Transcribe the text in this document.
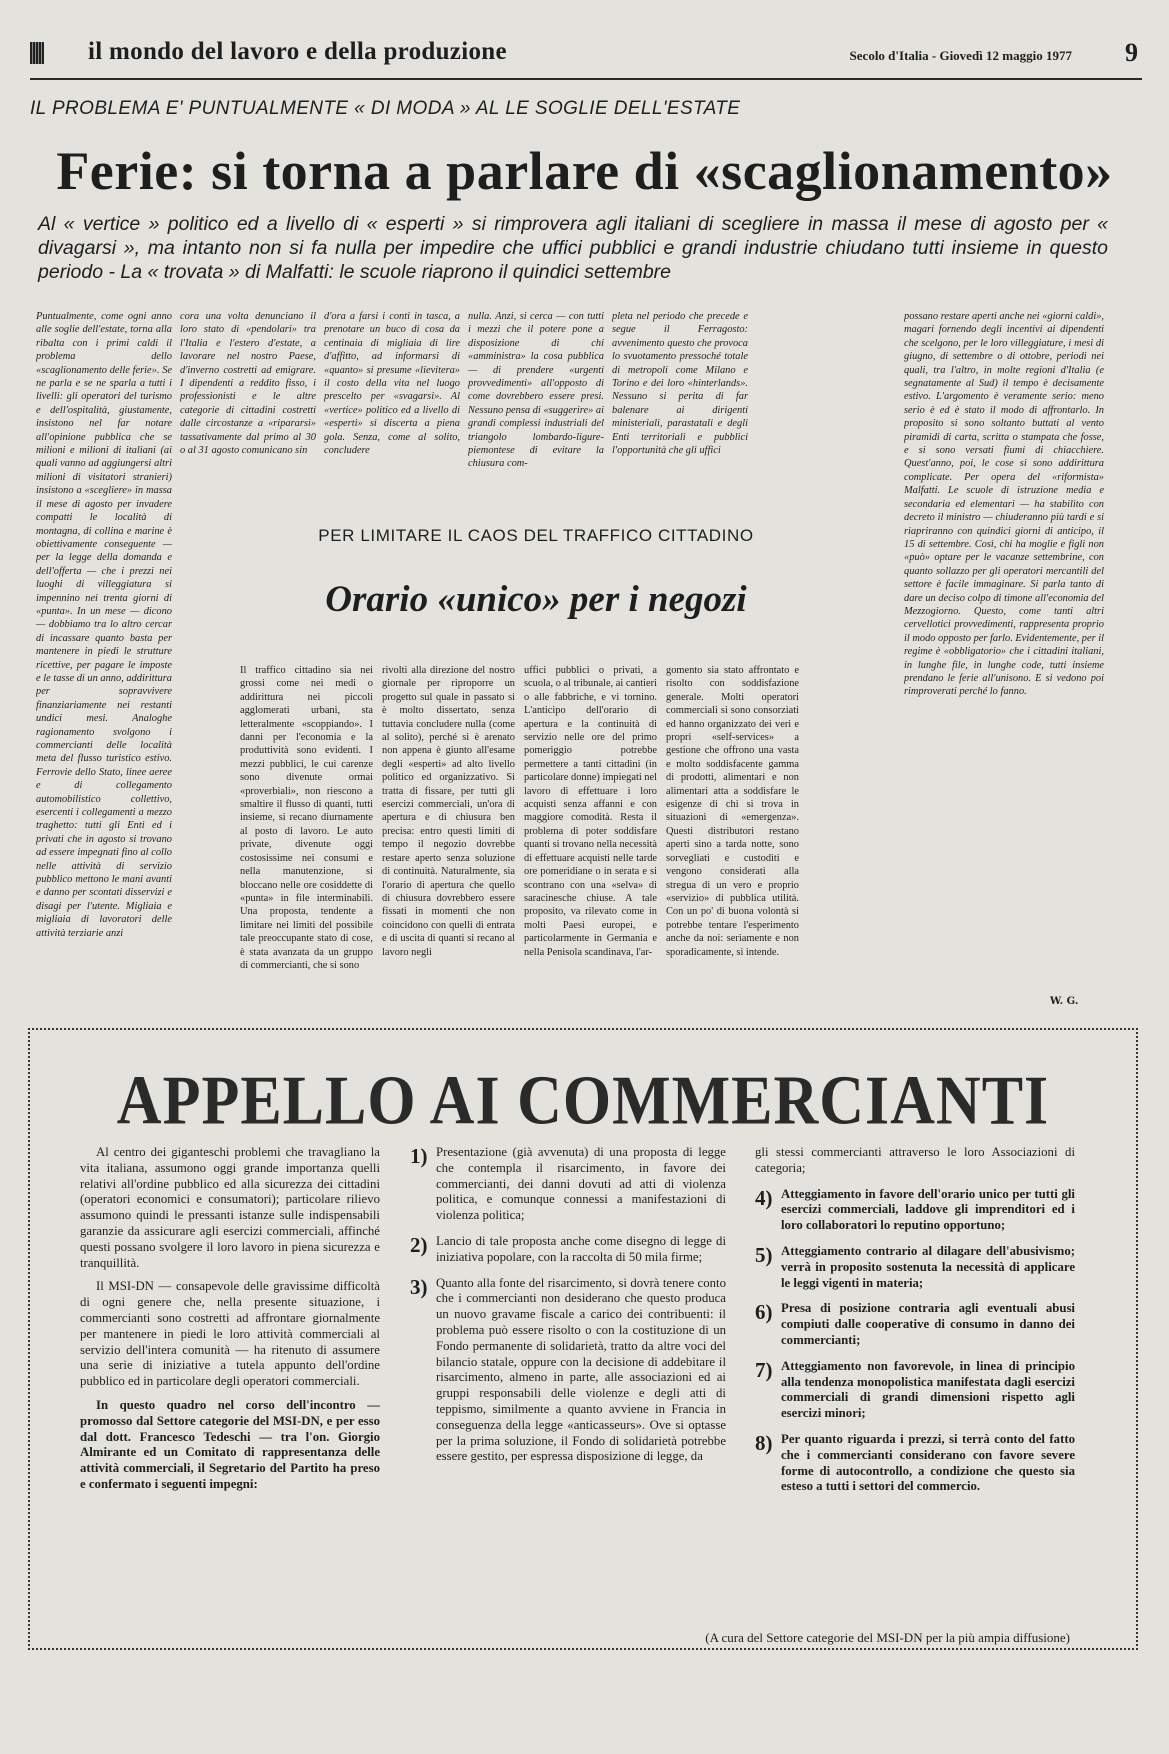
il mondo del lavoro e della produzione	Secolo d'Italia - Giovedì 12 maggio 1977 9
IL PROBLEMA E' PUNTUALMENTE « DI MODA » AL LE SOGLIE DELL'ESTATE
Ferie: si torna a parlare di «scaglionamento»
Al « vertice » politico ed a livello di « esperti » si rimprovera agli italiani di scegliere in massa il mese di agosto per « divagarsi », ma intanto non si fa nulla per impedire che uffici pubblici e grandi industrie chiudano tutti insieme in questo periodo - La « trovata » di Malfatti: le scuole riaprono il quindici settembre
Puntualmente, come ogni anno alle soglie dell'estate, torna alla ribalta con i primi caldi il problema dello «scaglionamento delle ferie». Se ne parla e se ne sparla a tutti i livelli: gli operatori del turismo e dell'ospitalità, giustamente, insistono nel far notare all'opinione pubblica che se milioni e milioni di italiani (ai quali vanno ad aggiungersi altri milioni di visitatori stranieri) insistono a «scegliere» in massa il mese di agosto per invadere compatti le località di montagna, di collina e marine è obiettivamente conseguente — per la legge della domanda e dell'offerta — che i prezzi nei luoghi di villeggiatura si impennino nei trenta giorni di «punta». In un mese — dicono — dobbiamo tra lo altro cercar di incassare quanto basta per mantenere in piedi le strutture ricettive, per pagare le imposte e le tasse di un anno, addirittura per sopravvivere finanziariamente nei restanti undici mesi. Analoghe ragionamento svolgono i commercianti delle località meta del flusso turistico estivo. Ferrovie dello Stato, linee aeree e di collegamento automobilistico collettivo, esercenti i collegamenti a mezzo traghetto: tutti gli Enti ed i privati che in agosto si trovano ad essere impegnati fino al collo nelle attività di servizio pubblico mettono le mani avanti e danno per scontati disservizi e disagi per l'utente. Migliaia e migliaia di lavoratori delle attività terziarie anzi
cora una volta denunciano il loro stato di «pendolari» tra l'Italia e l'estero d'estate, a lavorare nel nostro Paese, d'inverno costretti ad emigrare. I dipendenti a reddito fisso, i professionisti e le altre categorie di cittadini costretti dalle circostanze a «ripararsi» tassativamente dal primo al 30 o al 31 agosto comunicano sin
d'ora a farsi i conti in tasca, a prenotare un buco di cosa da centinaia di migliaia di lire d'affitto, ad informarsi di «quanto» si presume «lievitera» il costo della vita nel luogo prescelto per «svagarsi». Al «vertice» politico ed a livello di «esperti» si discerta a piena gola. Senza, come al solito, concludere
nulla. Anzi, si cerca — con tutti i mezzi che il potere pone a disposizione di chi «amministra» la cosa pubblica — di prendere «urgenti provvedimenti» all'opposto di come dovrebbero essere presi. Nessuno pensa di «suggerire» ai grandi complessi industriali del triangolo lombardo-ligure-piemontese di evitare la chiusura com-
pleta nel periodo che precede e segue il Ferragosto: avvenimento questo che provoca lo svuotamento pressoché totale di metropoli come Milano e Torino e dei loro «hinterlands». Nessuno si perita di far balenare ai dirigenti ministeriali, parastatali e degli Enti territoriali e pubblici l'opportunità che gli uffici
possano restare aperti anche nei «giorni caldi», magari fornendo degli incentivi ai dipendenti che scelgono, per le loro villeggiature, i mesi di giugno, di settembre o di ottobre, periodi nei quali, tra l'altro, in molte regioni d'Italia (e segnatamente al Sud) il tempo è decisamente estivo. L'argomento è veramente serio: meno serio è ed è stato il modo di affrontarlo. In proposito si sono soltanto buttati al vento piramidi di carta, scritta o stampata che fosse, e si sono versati fiumi di chiacchiere. Quest'anno, poi, le cose si sono addirittura complicate. Per opera del «riformista» Malfatti. Le scuole di istruzione media e secondaria ed elementari — ha stabilito con decreto il ministro — chiuderanno più tardi e si riapriranno con quindici giorni di anticipo, il 15 di settembre. Così, chi ha moglie e figli non «può» optare per le vacanze settembrine, con quanto sollazzo per gli operatori mercantili del settore è facile immaginare. Si parla tanto di dare un deciso colpo di timone all'economia del Mezzogiorno. Questo, come tanti altri cervellotici provvedimenti, rappresenta proprio il modo opposto per farlo. Evidentemente, per il regime è «obbligatorio» che i cittadini italiani, in lunghe file, in lunghe code, tutti insieme prendano le ferie all'unisono. E si vedono poi rimproverati perché lo fanno.
W. G.
PER LIMITARE IL CAOS DEL TRAFFICO CITTADINO
Orario «unico» per i negozi
Il traffico cittadino sia nei grossi come nei medi o addirittura nei piccoli agglomerati urbani, sta letteralmente «scoppiando». I danni per l'economia e la produttività sono evidenti. I mezzi pubblici, le cui carenze sono divenute ormai «proverbiali», non riescono a smaltire il flusso di quanti, tutti insieme, si recano diurnamente al posto di lavoro. Le auto private, divenute oggi costosissime nei consumi e nella manutenzione, si bloccano nelle ore cosiddette di «punta» in file interminabili. Una proposta, tendente a limitare nei limiti del possibile tale preoccupante stato di cose, è stata avanzata da un gruppo di commercianti, che si sono
rivolti alla direzione del nostro giornale per riproporre un progetto sul quale in passato si è molto dissertato, senza tuttavia concludere nulla (come al solito), perché si è arenato non appena è giunto all'esame degli «esperti» ad alto livello politico ed organizzativo. Si tratta di fissare, per tutti gli esercizi commerciali, un'ora di apertura e di chiusura ben precisa: entro questi limiti di tempo il negozio dovrebbe restare aperto senza soluzione di continuità. Naturalmente, sia l'orario di apertura che quello di chiusura dovrebbero essere fissati in momenti che non coincidono con quelli di entrata e di uscita di quanti si recano al lavoro negli
uffici pubblici o privati, a scuola, o al tribunale, ai cantieri o alle fabbriche, e vi tornino. L'anticipo dell'orario di apertura e la continuità di servizio nelle ore del primo pomeriggio potrebbe permettere a tanti cittadini (in particolare donne) impiegati nel lavoro di effettuare i loro acquisti senza affanni e con maggiore comodità. Resta il problema di poter soddisfare quanti si trovano nella necessità di effettuare acquisti nelle tarde ore pomeridiane o in serata e si scontrano con una «selva» di saracinesche chiuse. A tale proposito, va rilevato come in molti Paesi europei, e particolarmente in Germania e nella Penisola scandinava, l'ar-
gomento sia stato affrontato e risolto con soddisfazione generale. Molti operatori commerciali si sono consorziati ed hanno organizzato dei veri e propri «self-services» a gestione che offrono una vasta e molto soddisfacente gamma di prodotti, alimentari e non alimentari atta a soddisfare le esigenze di chi si trova in situazioni di «emergenza». Questi distributori restano aperti sino a tarda notte, sono sorvegliati e custoditi e vengono considerati alla stregua di un vero e proprio «servizio» di pubblica utilità. Con un po' di buona volontà si potrebbe tentare l'esperimento anche da noi: seriamente e non sporadicamente, si intende.
APPELLO AI COMMERCIANTI

Al centro dei giganteschi problemi che travagliano la vita italiana, assumono oggi grande importanza quelli relativi all'ordine pubblico ed alla sicurezza dei cittadini (operatori economici e consumatori); particolare rilievo assumono quindi le pressanti istanze sulle indispensabili garanzie da assicurare agli esercizi commerciali, affinché questi possano svolgere il loro lavoro in piena sicurezza e tranquillità.

Il MSI-DN — consapevole delle gravissime difficoltà di ogni genere che, nella presente situazione, i commercianti sono costretti ad affrontare giornalmente per mantenere in piedi le loro attività commerciali al servizio dell'intera comunità — ha ritenuto di assumere una serie di iniziative a tutela appunto dell'ordine pubblico ed in particolare degli operatori commerciali.

In questo quadro nel corso dell'incontro — promosso dal Settore categorie del MSI-DN, e per esso dal dott. Francesco Tedeschi — tra l'on. Giorgio Almirante ed un Comitato di rappresentanza delle attività commerciali, il Segretario del Partito ha preso e confermato i seguenti impegni:

1) Presentazione (già avvenuta) di una proposta di legge che contempla il risarcimento, in favore dei commercianti, dei danni dovuti ad atti di violenza politica, e comunque connessi a manifestazioni di violenza politica;
2) Lancio di tale proposta anche come disegno di legge di iniziativa popolare, con la raccolta di 50 mila firme;
3) Quanto alla fonte del risarcimento, si dovrà tenere conto che i commercianti non desiderano che questo produca un nuovo gravame fiscale a carico dei contribuenti: il problema può essere risolto o con la costituzione di un Fondo permanente di solidarietà, tratto da altre voci del bilancio statale, oppure con la decisione di addebitare il risarcimento, almeno in parte, alle associazioni ed ai gruppi responsabili delle violenze e degli atti di teppismo, similmente a quanto avviene in Francia in conseguenza della legge «anticasseurs». Ove si optasse per la prima soluzione, il Fondo di solidarietà potrebbe essere gestito, per espressa disposizione di legge, da
gli stessi commercianti attraverso le loro Associazioni di categoria;
4) Atteggiamento in favore dell'orario unico per tutti gli esercizi commerciali, laddove gli imprenditori ed i loro collaboratori lo reputino opportuno;
5) Atteggiamento contrario al dilagare dell'abusivismo; verrà in proposito sostenuta la necessità di applicare le leggi vigenti in materia;
6) Presa di posizione contraria agli eventuali abusi compiuti dalle cooperative di consumo in danno dei commercianti;
7) Atteggiamento non favorevole, in linea di principio alla tendenza monopolistica manifestata dagli esercizi commerciali di grandi dimensioni rispetto agli esercizi minori;
8) Per quanto riguarda i prezzi, si terrà conto del fatto che i commercianti considerano con favore severe forme di autocontrollo, a condizione che questo sia esteso a tutti i settori del commercio.
(A cura del Settore categorie del MSI-DN per la più ampia diffusione)
